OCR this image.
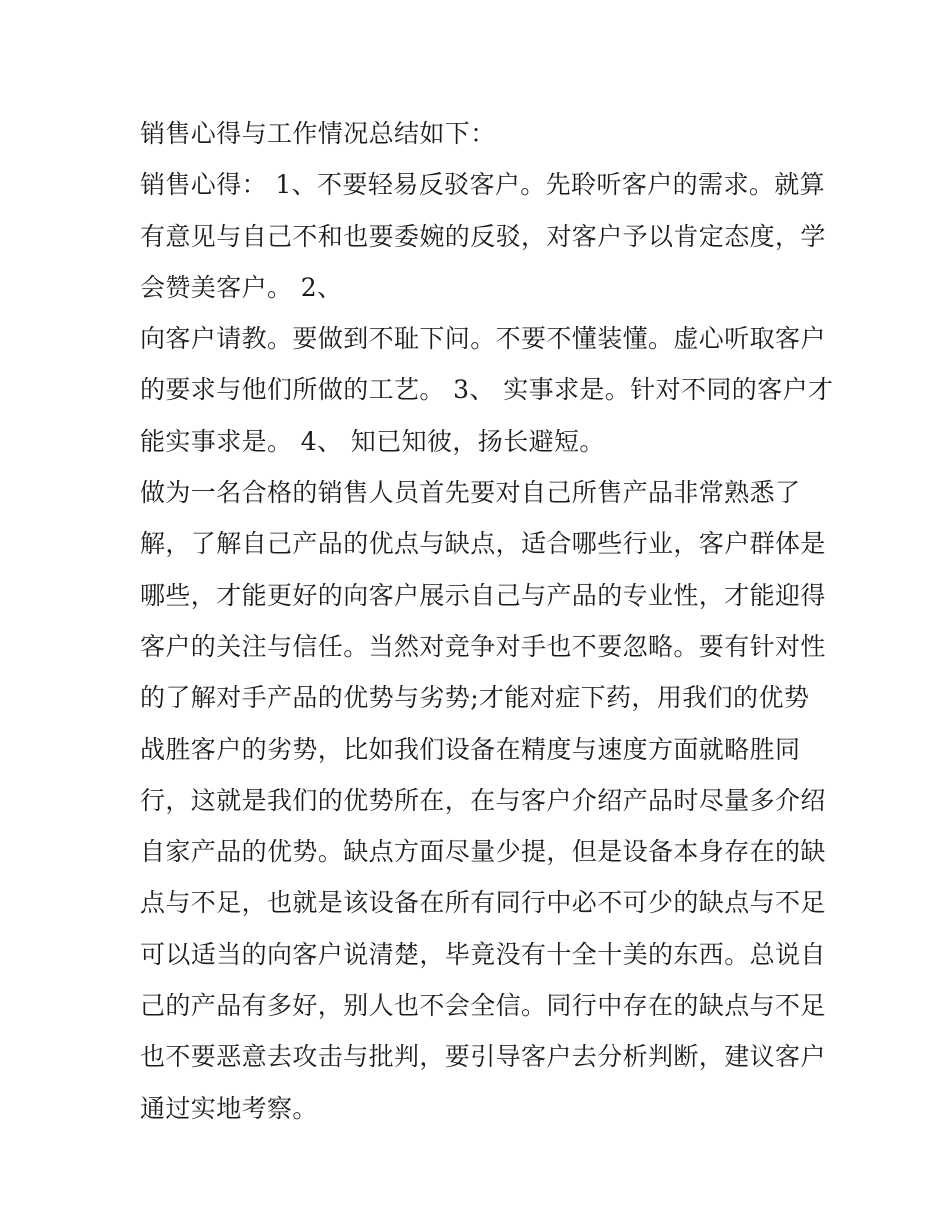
销售心得与工作情况总结如下：
销售心得： 1、不要轻易反驳客户。先聆听客户的需求。就算
有意见与自己不和也要委婉的反驳，对客户予以肯定态度，学
会赞美客户。 2、
向客户请教。要做到不耻下问。不要不懂装懂。虚心听取客户
的要求与他们所做的工艺。 3、 实事求是。针对不同的客户才
能实事求是。 4、 知已知彼，扬长避短。
做为一名合格的销售人员首先要对自己所售产品非常熟悉了
解，了解自己产品的优点与缺点，适合哪些行业，客户群体是
哪些，才能更好的向客户展示自己与产品的专业性，才能迎得
客户的关注与信任。当然对竞争对手也不要忽略。要有针对性
的了解对手产品的优势与劣势;才能对症下药，用我们的优势
战胜客户的劣势，比如我们设备在精度与速度方面就略胜同
行，这就是我们的优势所在，在与客户介绍产品时尽量多介绍
自家产品的优势。缺点方面尽量少提，但是设备本身存在的缺
点与不足，也就是该设备在所有同行中必不可少的缺点与不足
可以适当的向客户说清楚，毕竟没有十全十美的东西。总说自
己的产品有多好，别人也不会全信。同行中存在的缺点与不足
也不要恶意去攻击与批判，要引导客户去分析判断，建议客户
通过实地考察。
